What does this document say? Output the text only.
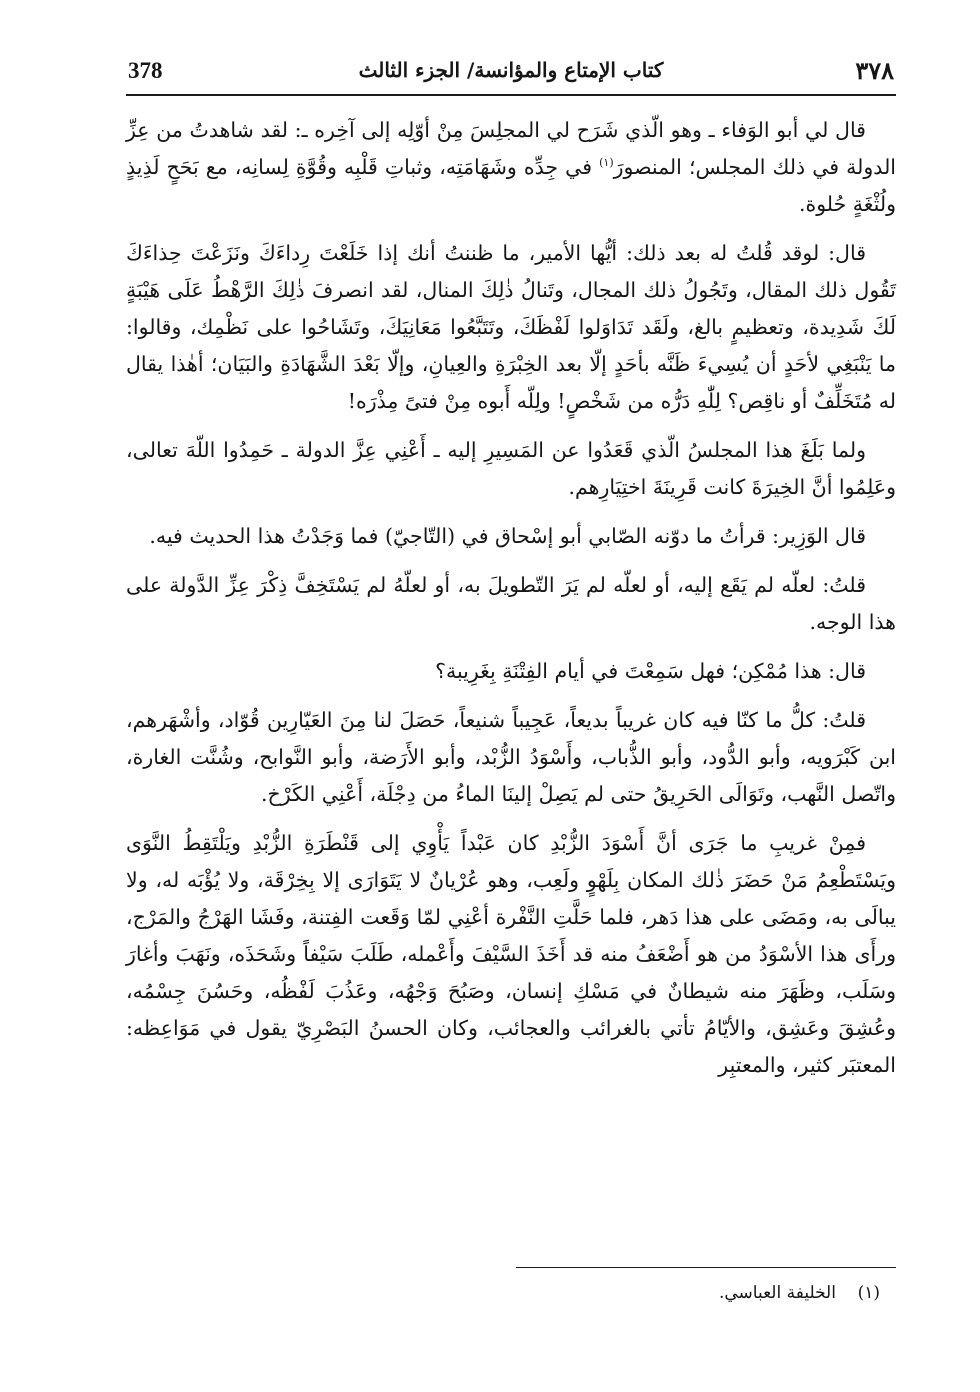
378	كتاب الإمتاع والمؤانسة/ الجزء الثالث	٣٧٨

قال لي أبو الوَفاء ـ وهو الّذي شَرَح لي المجلِسَ مِنْ أوّلِه إلى آخِره ـ: لقد شاهدتُ من عِزِّ الدولة في ذلك المجلس؛ المنصورَ$^{(١)}$ في جِدِّه وشَهَامَتِه، وثباتِ قَلْبِه وقُوَّةِ لِسانِه، مع بَحَحٍ لَذِيذٍ ولُثْغَةٍ حُلوة.

قال: لوقد قُلتُ له بعد ذلك: أيُّها الأمير، ما ظننتُ أنك إذا خَلَعْتَ رِداءَكَ ونَزَعْتَ حِذاءَكَ تَقُول ذلك المقال، وتَجُولُ ذلك المجال، وتَنالُ ذٰلِكَ المنال، لقد انصرفَ ذٰلِكَ الرَّهْطُ عَلَى هَيْبَةٍ لَكَ شَدِيدة، وتعظيمٍ بالغ، ولَقَد تَدَاوَلوا لَفْظَكَ، وتَتَبَّعُوا مَعَانِيَكَ، وتَشَاحُوا على نَظْمِك، وقالوا: ما يَنْبَغِي لأحَدٍ أن يُسِيءَ ظَنَّه بأحَدٍ إلّا بعد الخِبْرَةِ والعِيانِ، وإلّا بَعْدَ الشَّهَادَةِ والبَيَان؛ أهٰذا يقال له مُتَخَلِّفٌ أو ناقِص؟ لِلّٰهِ دَرُّه من شَخْصٍ! ولِلّه أَبوه مِنْ فتىً مِذْرَه!

ولما بَلَغَ هذا المجلسُ الّذي قَعَدُوا عن المَسِيرِ إليه ـ أَعْنِي عِزَّ الدولة ـ حَمِدُوا اللّهَ تعالى، وعَلِمُوا أنَّ الخِيرَةَ كانت قَرِينَةَ اختِيَارِهم.

قال الوَزِير: قرأتُ ما دوّنه الصّابي أبو إسْحاق في (التّاجيّ) فما وَجَدْتُ هذا الحديث فيه.

قلتُ: لعلّه لم يَقَع إليه، أو لعلّه لم يَرَ التّطويلَ به، أو لعلّهُ لم يَسْتَخِفَّ ذِكْرَ عِزِّ الدَّولة على هذا الوجه.

قال: هذا مُمْكِن؛ فهل سَمِعْتَ في أيام الفِتْنَةِ بِغَرِيبة؟

قلتُ: كلُّ ما كنّا فيه كان غريباً بديعاً، عَجِيباً شنيعاً، حَصَلَ لنا مِنَ العَيّارِين قُوّاد، وأشْهَرهم، ابن كَبْرَويه، وأبو الدُّود، وأبو الذُّباب، وأَسْوَدُ الزُّبْد، وأبو الأَرَضة، وأبو النَّوابح، وشُنَّت الغارة، واتّصل النَّهب، وتَوَالَى الحَرِيقُ حتى لم يَصِلْ إلينَا الماءُ من دِجْلَة، أَعْنِي الكَرْخ.

فمِنْ غريبِ ما جَرَى أنَّ أَسْوَدَ الزُّبْدِ كان عَبْداً يَأْوِي إلى قَنْطَرَةِ الزُّبْدِ ويَلْتَقِطُ النَّوَى ويَسْتَطْعِمُ مَنْ حَضَرَ ذٰلك المكان بِلَهْوٍ ولَعِب، وهو عُرْيانٌ لا يَتَوَارَى إلا بِخِرْقَة، ولا يُؤْبَه له، ولا يبالَى به، ومَضَى على هذا دَهر، فلما حَلَّتِ النَّفْرة أعْنِي لمّا وَقَعت الفِتنة، وفَشَا الهَرْجُ والمَرْج، ورأَى هذا الأسْوَدُ من هو أَضْعَفُ منه قد أَخَذَ السَّيْفَ وأَعْمله، طَلَبَ سَيْفاً وشَحَذَه، ونَهَبَ وأغارَ وسَلَب، وظَهَرَ منه شيطانٌ في مَسْكِ إنسان، وصَبُحَ وَجْهُه، وعَذُبَ لَفْظُه، وحَسُنَ جِسْمُه، وعُشِقَ وعَشِق، والأيّامُ تأتي بالغرائب والعجائب، وكان الحسنُ البَصْرِيّ يقول في مَوَاعِظه: المعتبَر كثير، والمعتبِر

(١)    الخليفة العباسي.
